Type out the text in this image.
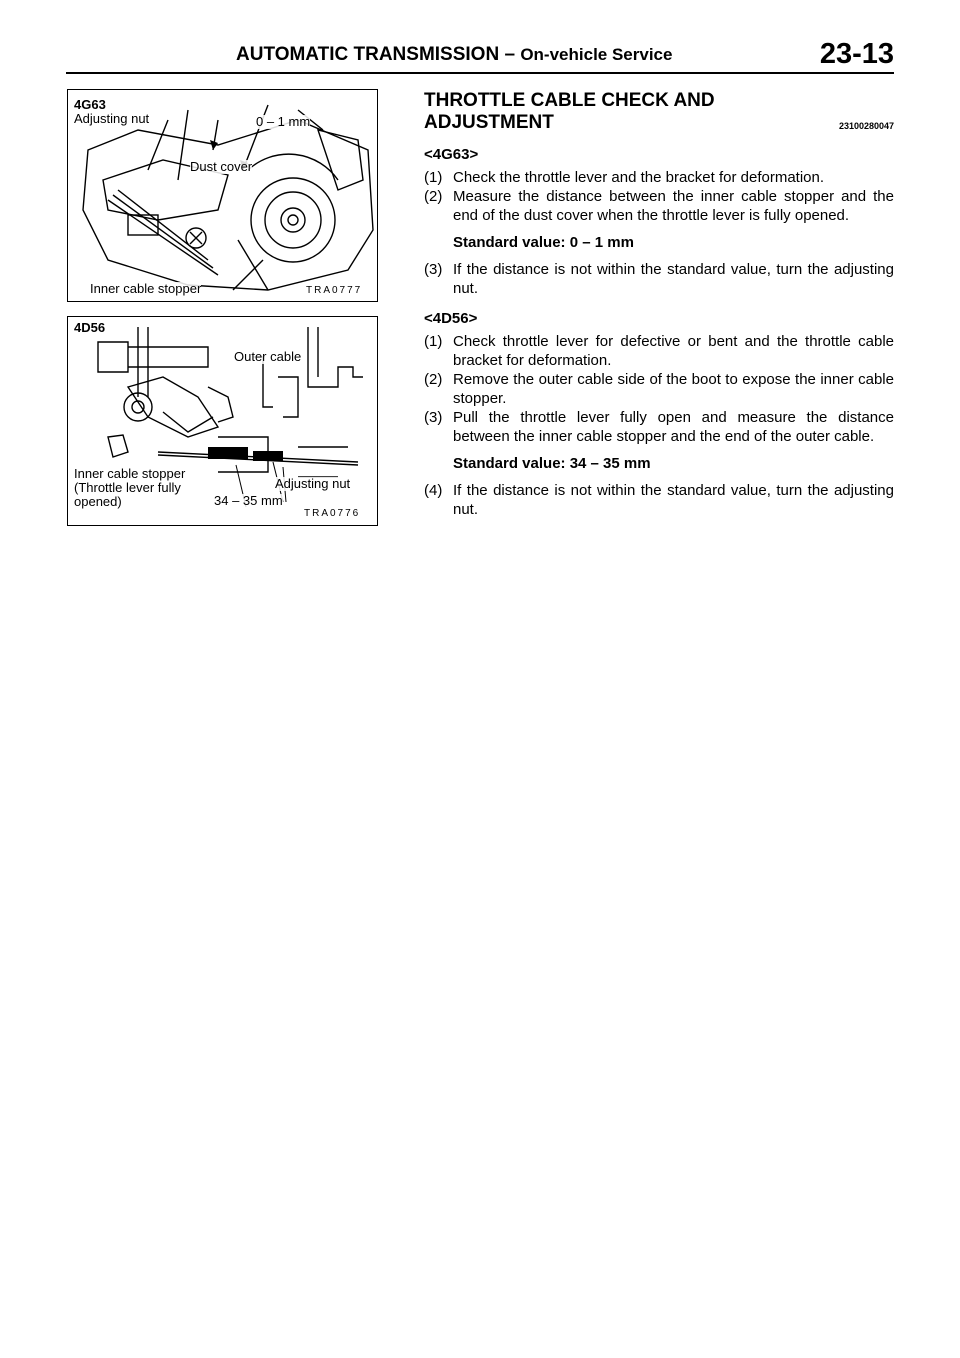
AUTOMATIC TRANSMISSION – On-vehicle Service	23-13
4G63
Adjusting nut	0 – 1 mm
Dust cover
Inner cable stopper	TRA0777
4D56
Outer cable
Inner cable stopper
(Throttle lever fully
opened)
Adjusting nut
34 – 35 mm
TRA0776

THROTTLE CABLE CHECK AND

ADJUSTMENT	23100280047
<4G63>
(1) Check the throttle lever and the bracket for deformation.
(2) Measure the distance between the inner cable stopper and the end of the dust cover when the throttle lever is fully opened.
Standard value: 0 – 1 mm
(3) If the distance is not within the standard value, turn the adjusting nut.
<4D56>
(1) Check throttle lever for defective or bent and the throttle cable bracket for deformation.
(2) Remove the outer cable side of the boot to expose the inner cable stopper.
(3) Pull the throttle lever fully open and measure the distance between the inner cable stopper and the end of the outer cable.
Standard value: 34 – 35 mm
(4) If the distance is not within the standard value, turn the adjusting nut.
